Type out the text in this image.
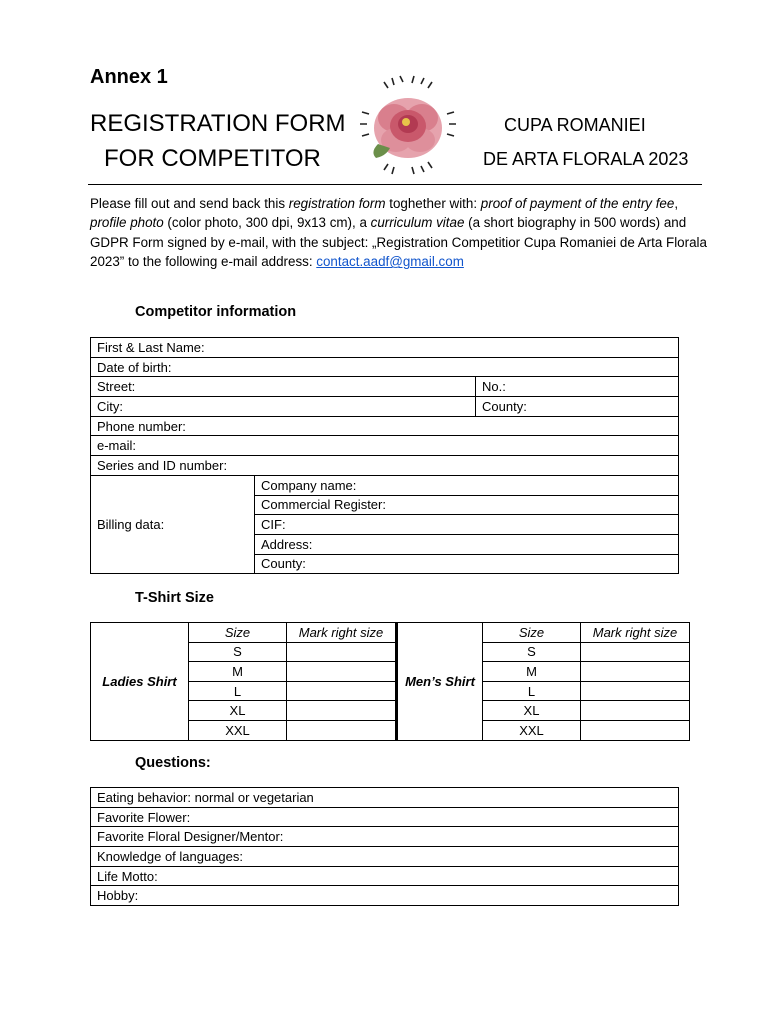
Annex 1
REGISTRATION FORM
FOR COMPETITOR
CUPA ROMANIEI
DE ARTA FLORALA 2023
Please fill out and send back this registration form toghether with: proof of payment of the entry fee, profile photo (color photo, 300 dpi, 9x13 cm), a curriculum vitae (a short biography in 500 words) and GDPR Form signed by e-mail, with the subject: „Registration Competitior Cupa Romaniei de Arta Florala 2023” to the following e-mail address: contact.aadf@gmail.com
Competitor information
First & Last Name:		
Date of birth:		
Street:		No.:
City:		County:
Phone number:		
e-mail:		
Series and ID number:		
Billing data:	Company name:	
	Commercial Register:	
	CIF:	
	Address:	
	County:	
T-Shirt Size
Ladies Shirt	Size	Mark right size	Men’s Shirt	Size	Mark right size
	S			S	
	M			M	
	L			L	
	XL			XL	
	XXL			XXL	
Questions:
Eating behavior: normal or vegetarian
Favorite Flower:
Favorite Floral Designer/Mentor:
Knowledge of languages:
Life Motto:
Hobby:
